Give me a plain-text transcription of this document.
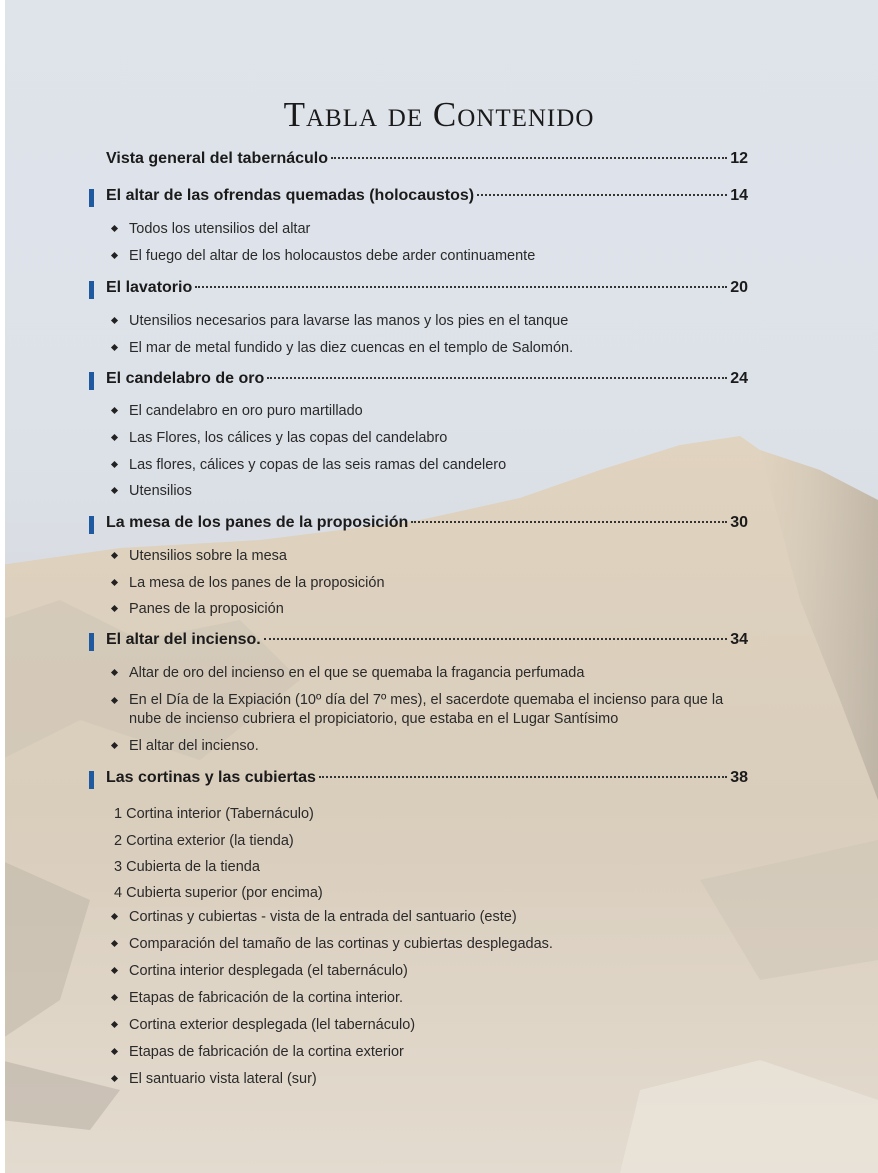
Tabla de Contenido
Vista general del tabernáculo	12
El altar de las ofrendas quemadas (holocaustos)	14
Todos los utensilios del altar
El fuego del altar de los holocaustos debe arder continuamente
El lavatorio	20
Utensilios necesarios para lavarse las manos y los pies en el tanque
El mar de metal fundido y las diez cuencas en el templo de Salomón.
El candelabro de oro	24
El candelabro en oro puro martillado
Las Flores, los cálices y las copas del candelabro
Las flores, cálices y copas de las seis ramas del candelero
Utensilios
La mesa de los panes de la proposición	30
Utensilios sobre la mesa
La mesa de los panes de la proposición
Panes de la proposición
El altar del incienso.	34
Altar de oro del incienso en el que se quemaba la fragancia perfumada
En el Día de la Expiación (10º día del 7º mes), el sacerdote quemaba el incienso para que la nube de incienso cubriera el propiciatorio, que estaba en el Lugar Santísimo
El altar del incienso.
Las cortinas y las cubiertas	38
1 Cortina interior (Tabernáculo)
2 Cortina exterior (la tienda)
3 Cubierta de la tienda
4 Cubierta superior (por encima)
Cortinas y cubiertas - vista de la entrada del santuario (este)
Comparación del tamaño de las cortinas y cubiertas desplegadas.
Cortina interior desplegada (el tabernáculo)
Etapas de fabricación de la cortina interior.
Cortina exterior desplegada (lel tabernáculo)
Etapas de fabricación de la cortina exterior
El santuario vista lateral (sur)
